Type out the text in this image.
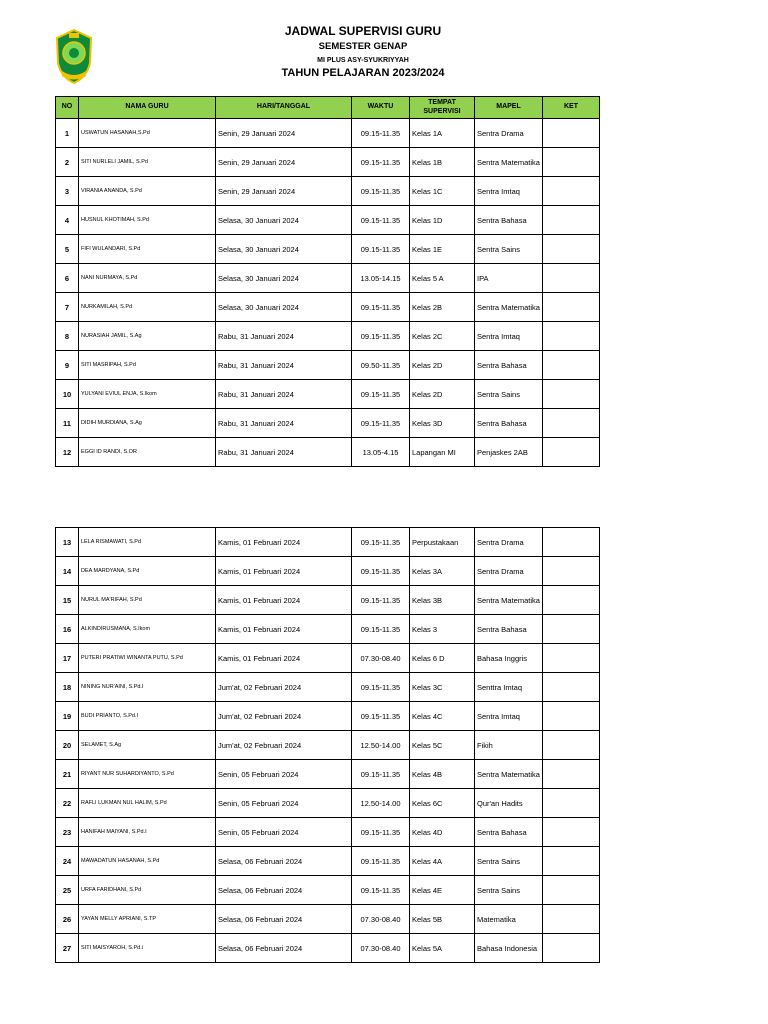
JADWAL SUPERVISI GURU
SEMESTER GENAP
MI PLUS ASY-SYUKRIYYAH
TAHUN PELAJARAN 2023/2024
NO	NAMA GURU	HARI/TANGGAL	WAKTU	TEMPAT SUPERVISI	MAPEL	KET
1	USWATUN HASANAH,S.Pd	Senin, 29 Januari 2024	09.15-11.35	Kelas 1A	Sentra Drama	
2	SITI NURLELI JAMIL, S.Pd	Senin, 29 Januari 2024	09.15-11.35	Kelas 1B	Sentra Matematika	
3	VIRANIA ANANDA, S.Pd	Senin, 29 Januari 2024	09.15-11.35	Kelas 1C	Sentra Imtaq	
4	HUSNUL KHOTIMAH, S.Pd	Selasa, 30 Januari 2024	09.15-11.35	Kelas 1D	Sentra Bahasa	
5	FIFI WULANDARI, S.Pd	Selasa, 30 Januari 2024	09.15-11.35	Kelas 1E	Sentra Sains	
6	NANI NURMAYA, S.Pd	Selasa, 30 Januari 2024	13.05-14.15	Kelas 5 A	IPA	
7	NURKAMILAH, S.Pd	Selasa, 30 Januari 2024	09.15-11.35	Kelas 2B	Sentra Matematika	
8	NURASIAH JAMIL, S.Ag	Rabu, 31 Januari 2024	09.15-11.35	Kelas 2C	Sentra Imtaq	
9	SITI MASRIPAH, S.Pd	Rabu, 31 Januari 2024	09.50-11.35	Kelas 2D	Sentra Bahasa	
10	YULYANI EVIUL ENJA, S.Ikom	Rabu, 31 Januari 2024	09.15-11.35	Kelas 2D	Sentra Sains	
11	DIDIH MURDIANA, S.Ag	Rabu, 31 Januari 2024	09.15-11.35	Kelas 3D	Sentra Bahasa	
12	EGGI ID RANDI, S.OR	Rabu, 31 Januari 2024	13.05-4.15	Lapangan MI	Penjaskes 2AB	
13	LELA RISMAWATI, S.Pd	Kamis, 01 Februari 2024	09.15-11.35	Perpustakaan	Sentra Drama	
14	DEA MARDYANA, S.Pd	Kamis, 01 Februari 2024	09.15-11.35	Kelas 3A	Sentra Drama	
15	NURUL MA'RIFAH, S.Pd	Kamis, 01 Februari 2024	09.15-11.35	Kelas 3B	Sentra Matematika	
16	ALKINDIRUSMANA, S.Ikom	Kamis, 01 Februari 2024	09.15-11.35	Kelas 3	Sentra Bahasa	
17	PUTERI PRATIWI WINANTA PUTU, S.Pd	Kamis, 01 Februari 2024	07.30-08.40	Kelas 6 D	Bahasa Inggris	
18	NINING NUR'AINI, S.Pd.I	Jum'at, 02 Februari 2024	09.15-11.35	Kelas 3C	Senttra Imtaq	
19	BUDI PRIANTO, S.Pd.I	Jum'at, 02 Februari 2024	09.15-11.35	Kelas 4C	Sentra Imtaq	
20	SELAMET, S.Ag	Jum'at, 02 Februari 2024	12.50-14.00	Kelas 5C	Fikih	
21	RIYANT NUR SUHARDIYANTO, S.Pd	Senin, 05 Februari 2024	09.15-11.35	Kelas 4B	Sentra Matematika	
22	RAFLI LUKMAN NUL HALIM, S.Pd	Senin, 05 Februari 2024	12.50-14.00	Kelas 6C	Qur'an Hadits	
23	HANIFAH MAIYANI, S.Pd.I	Senin, 05 Februari 2024	09.15-11.35	Kelas 4D	Sentra Bahasa	
24	MAWADATUN HASANAH, S.Pd	Selasa, 06 Februari 2024	09.15-11.35	Kelas 4A	Sentra Sains	
25	URFA FARIDHANI, S.Pd	Selasa, 06 Februari 2024	09.15-11.35	Kelas 4E	Sentra Sains	
26	YAYAN MELLY APRIANI, S.TP	Selasa, 06 Februari 2024	07.30-08.40	Kelas 5B	Matematika	
27	SITI MAISYAROH, S.Pd.i	Selasa, 06 Februari 2024	07.30-08.40	Kelas 5A	Bahasa Indonesia	
